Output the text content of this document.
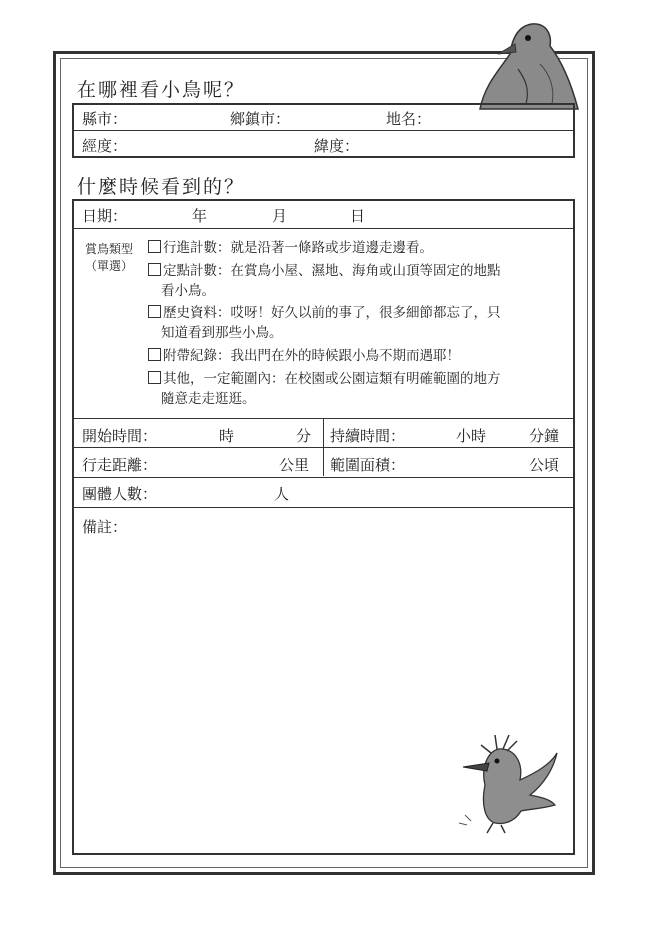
在哪裡看小鳥呢？
縣市：	鄉鎮市：	地名：
經度：	緯度：
什麼時候看到的？
日期：	年	月	日
賞鳥類型
（單選）
行進計數：就是沿著一條路或步道邊走邊看。
定點計數：在賞鳥小屋、濕地、海角或山頂等固定的地點
看小鳥。
歷史資料：哎呀！好久以前的事了，很多細節都忘了，只
知道看到那些小鳥。
附帶紀錄：我出門在外的時候跟小鳥不期而遇耶！
其他，一定範圍內：在校園或公園這類有明確範圍的地方
隨意走走逛逛。
開始時間：	時	分 持續時間：	小時	分鐘
行走距離：	公里 範圍面積：	公頃
團體人數：	人
備註：
